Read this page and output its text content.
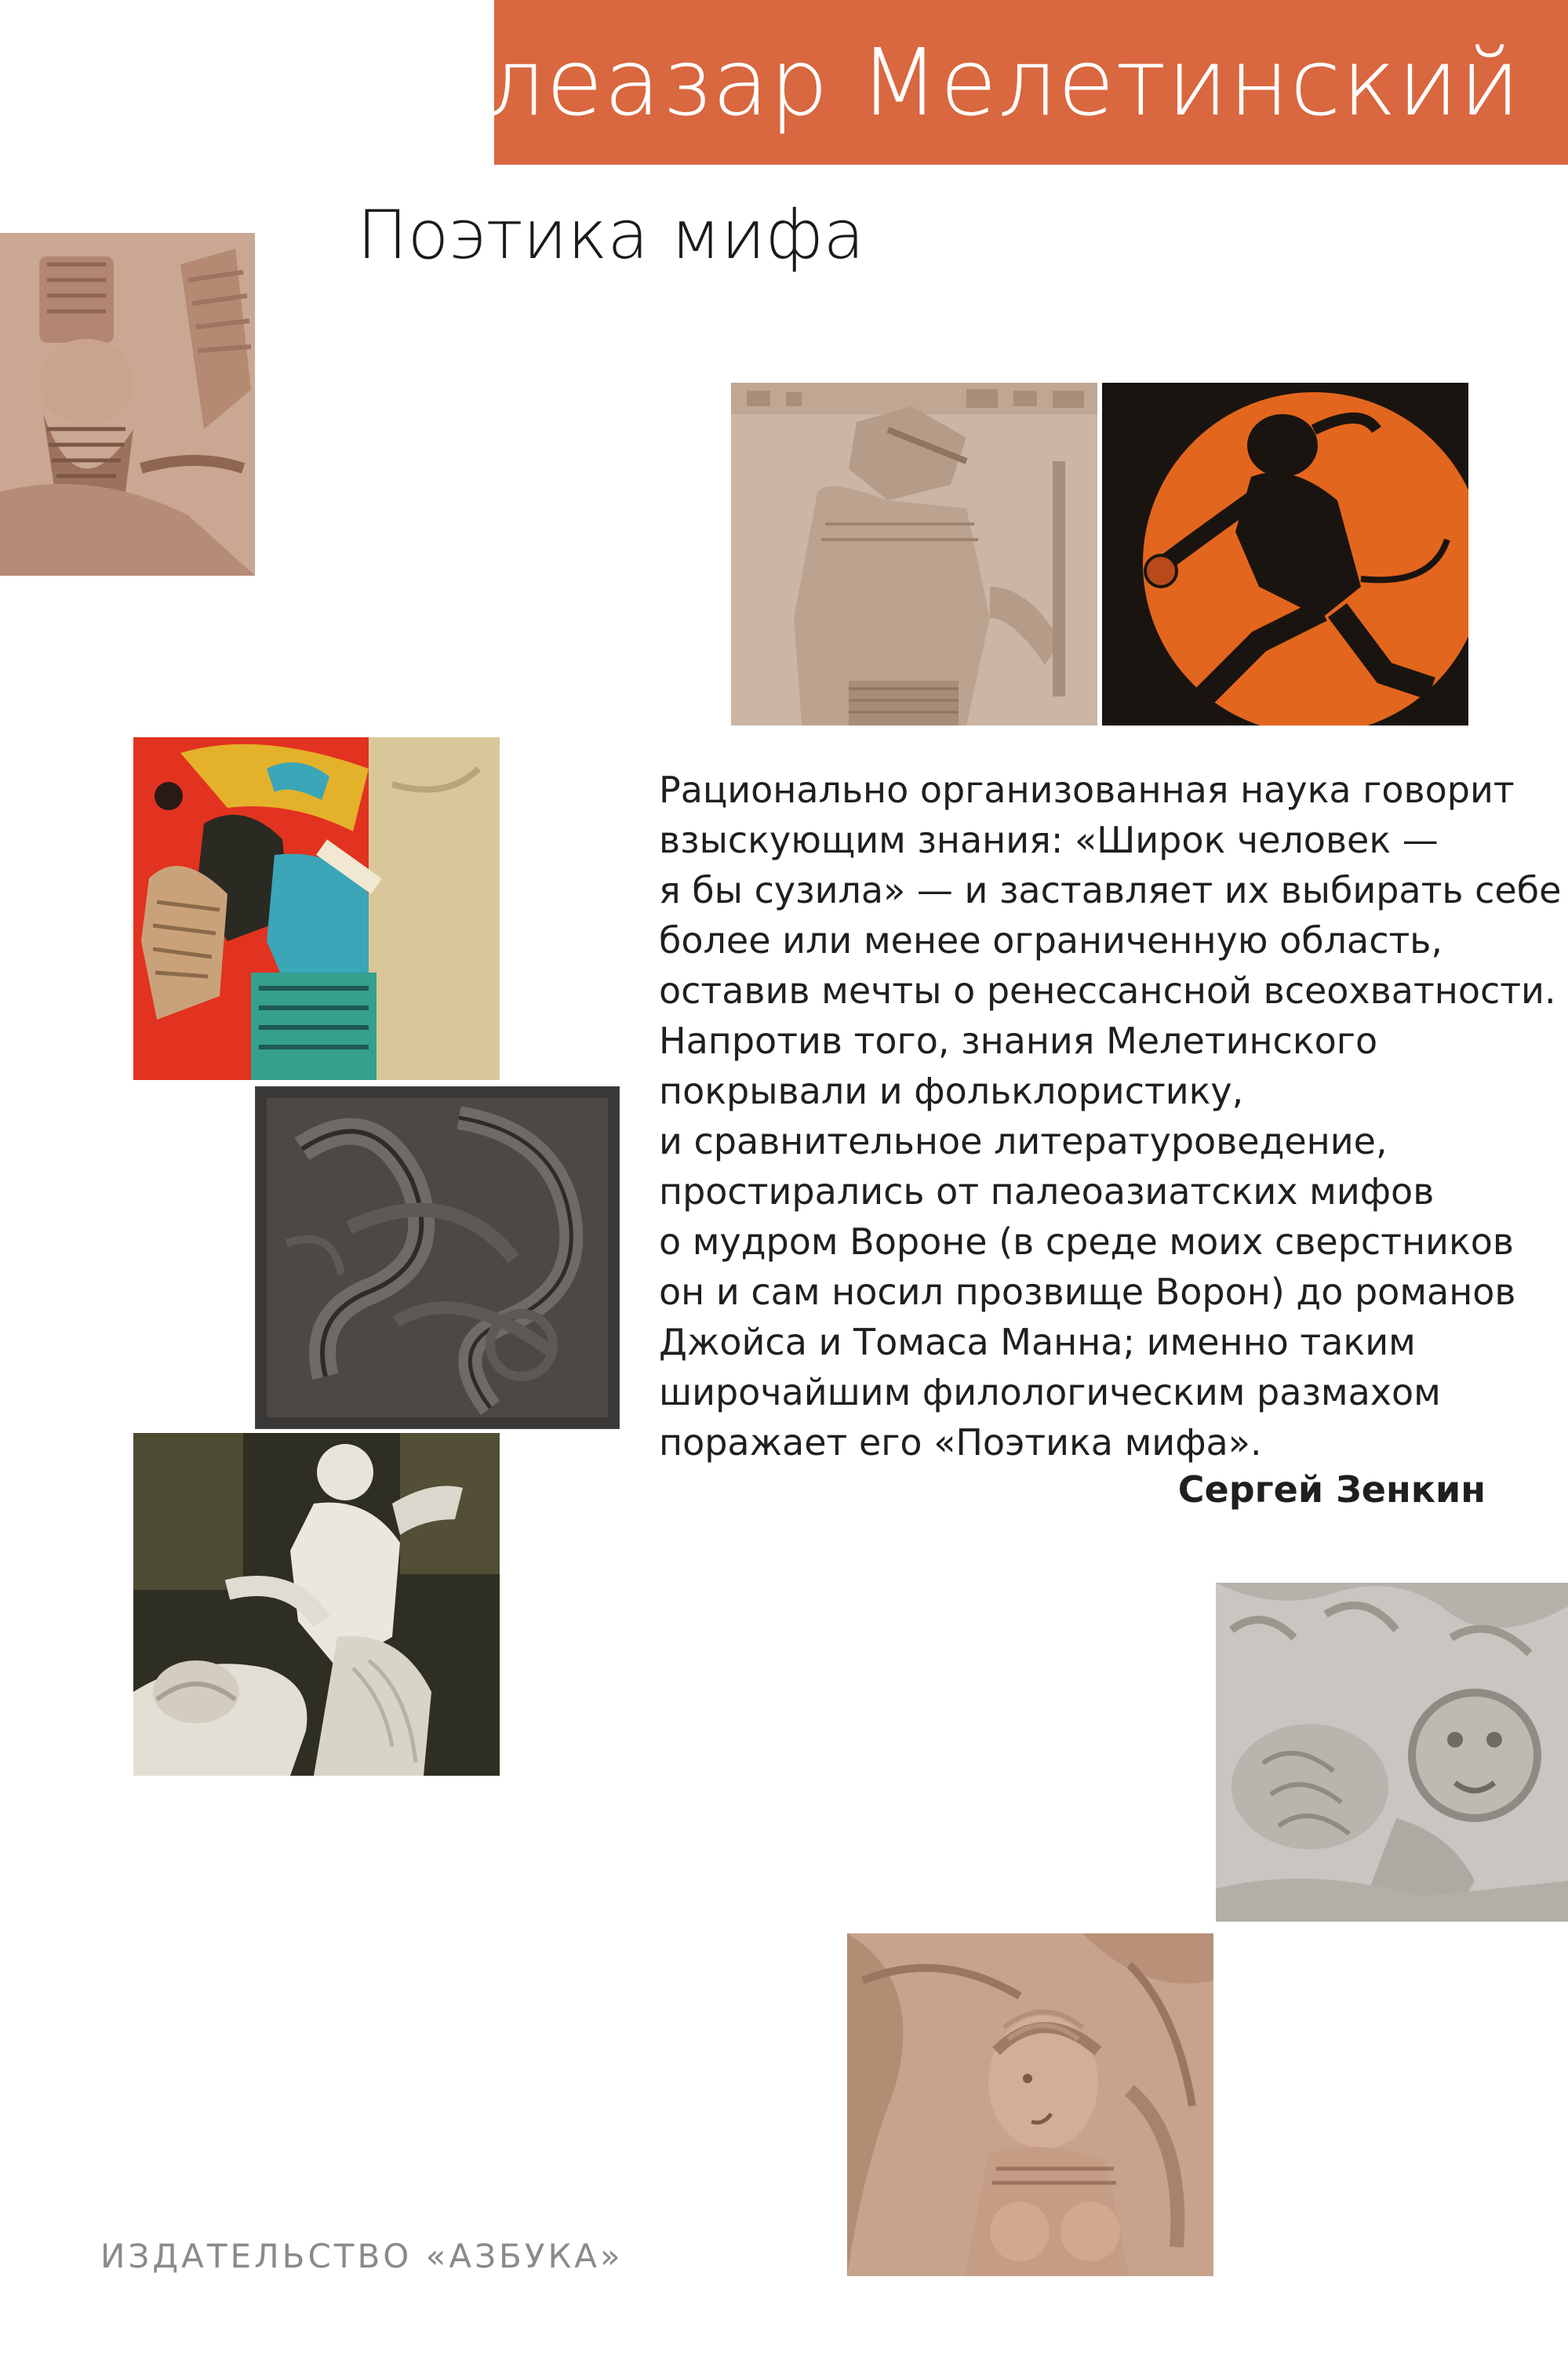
Елеазар Мелетинский
Поэтика мифа
Рационально организованная наука говорит
взыскующим знания: «Широк человек —
я бы сузила» — и заставляет их выбирать себе
более или менее ограниченную область,
оставив мечты о ренессансной всеохватности.
Напротив того, знания Мелетинского
покрывали и фольклористику,
и сравнительное литературоведение,
простирались от палеоазиатских мифов
о мудром Вороне (в среде моих сверстников
он и сам носил прозвище Ворон) до романов
Джойса и Томаса Манна; именно таким
широчайшим филологическим размахом
поражает его «Поэтика мифа».
Сергей Зенкин
ИЗДАТЕЛЬСТВО «АЗБУКА»
